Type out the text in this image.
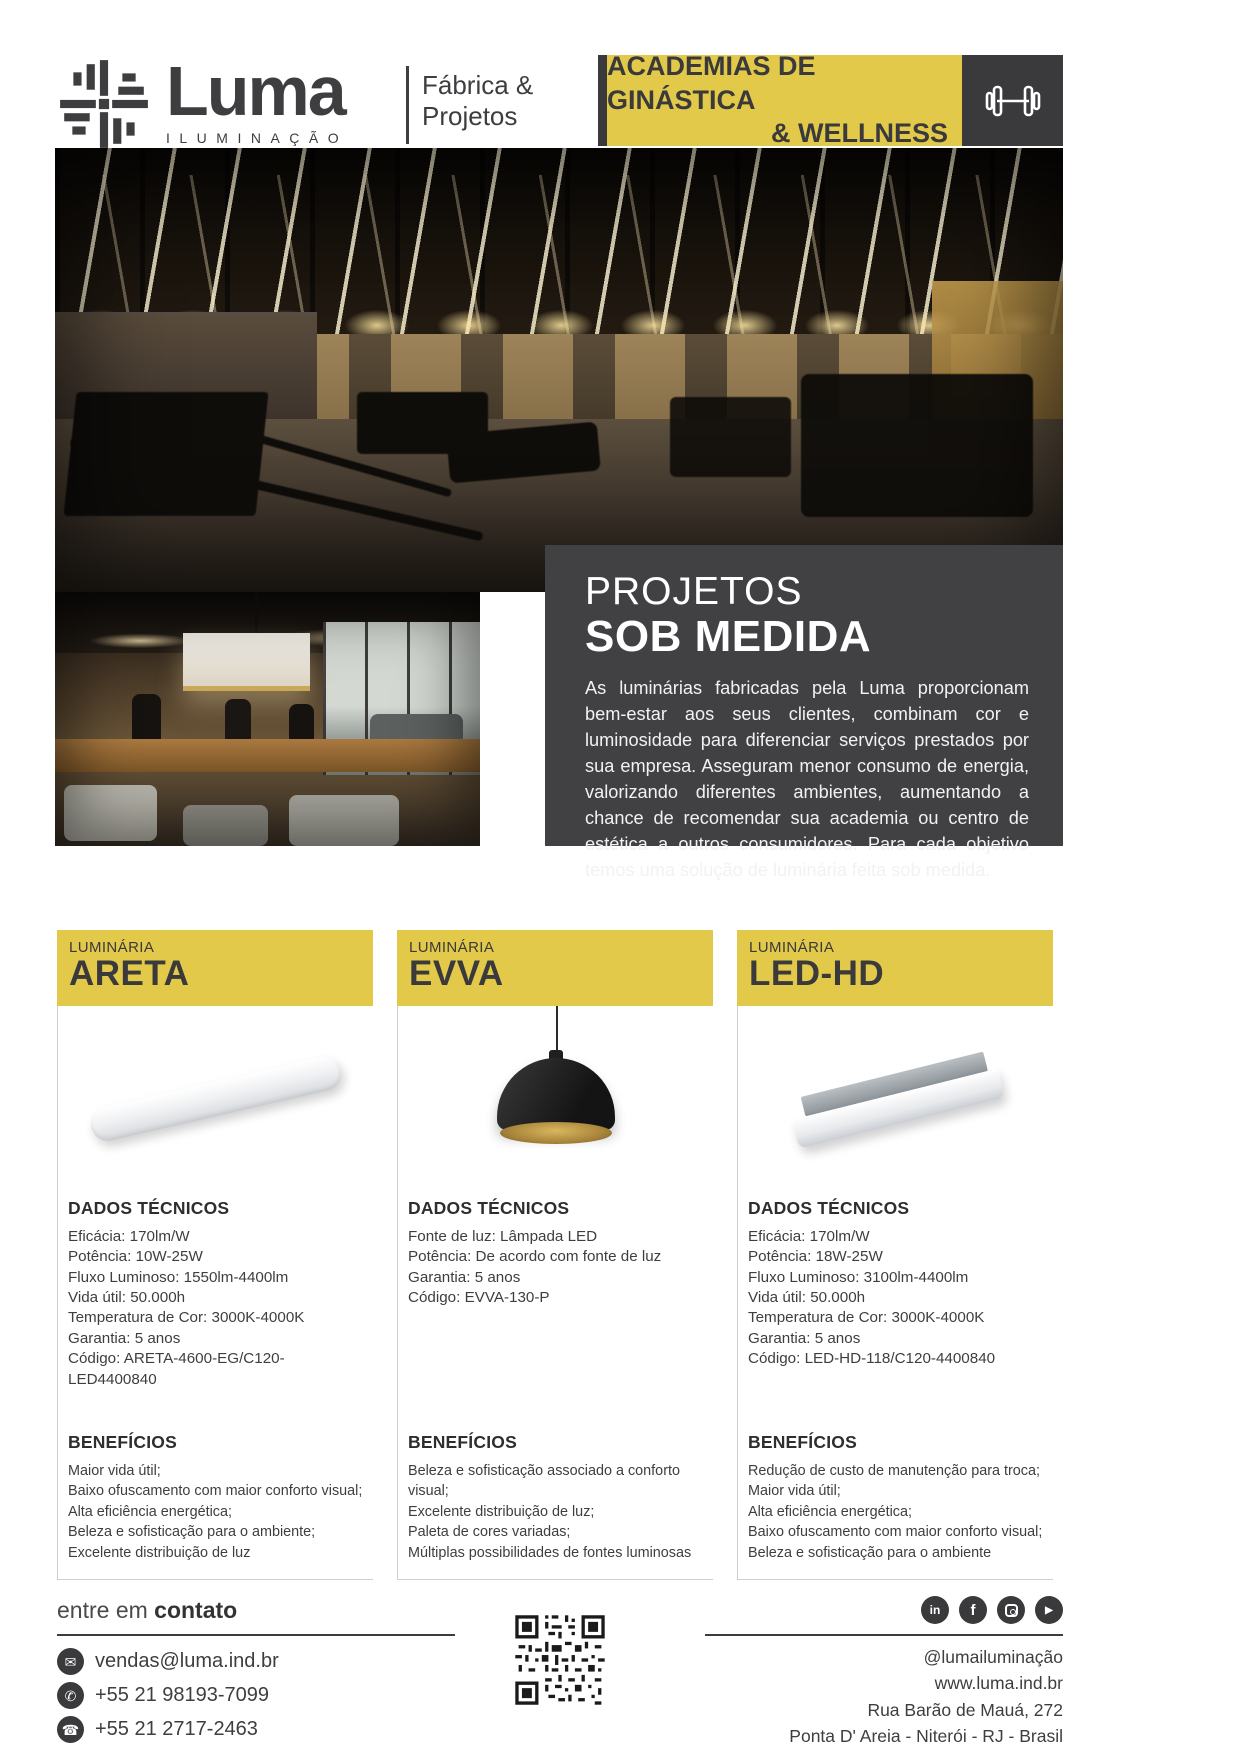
Luma
ILUMINAÇÃO
Fábrica &
Projetos
ACADEMIAS DE GINÁSTICA
& WELLNESS
PROJETOS
SOB MEDIDA

As luminárias fabricadas pela Luma proporcionam bem-estar aos seus clientes, combinam cor e luminosidade para diferenciar serviços prestados por sua empresa. Asseguram menor consumo de energia, valorizando diferentes ambientes, aumentando a chance de recomendar sua academia ou centro de estética a outros consumidores. Para cada objetivo temos uma solução de luminária feita sob medida.

LUMINÁRIA
ARETA
DADOS TÉCNICOS
Eficácia: 170lm/W
Potência: 10W-25W
Fluxo Luminoso: 1550lm-4400lm
Vida útil: 50.000h
Temperatura de Cor: 3000K-4000K
Garantia: 5 anos
Código: ARETA-4600-EG/C120-LED4400840
BENEFÍCIOS
Maior vida útil;
Baixo ofuscamento com maior conforto visual;
Alta eficiência energética;
Beleza e sofisticação para o ambiente;
Excelente distribuição de luz
LUMINÁRIA
EVVA
DADOS TÉCNICOS
Fonte de luz: Lâmpada LED
Potência: De acordo com fonte de luz
Garantia: 5 anos
Código: EVVA-130-P
BENEFÍCIOS
Beleza e sofisticação associado a conforto visual;
Excelente distribuição de luz;
Paleta de cores variadas;
Múltiplas possibilidades de fontes luminosas
LUMINÁRIA
LED-HD
DADOS TÉCNICOS
Eficácia: 170lm/W
Potência: 18W-25W
Fluxo Luminoso: 3100lm-4400lm
Vida útil: 50.000h
Temperatura de Cor: 3000K-4000K
Garantia: 5 anos
Código: LED-HD-118/C120-4400840
BENEFÍCIOS
Redução de custo de manutenção para troca;
Maior vida útil;
Alta eficiência energética;
Baixo ofuscamento com maior conforto visual;
Beleza e sofisticação para o ambiente
entre em contato
✉ vendas@luma.ind.br
✆ +55 21 98193-7099
☎ +55 21 2717-2463
in f	▶
@lumailuminação
www.luma.ind.br
Rua Barão de Mauá, 272
Ponta D' Areia - Niterói - RJ - Brasil
